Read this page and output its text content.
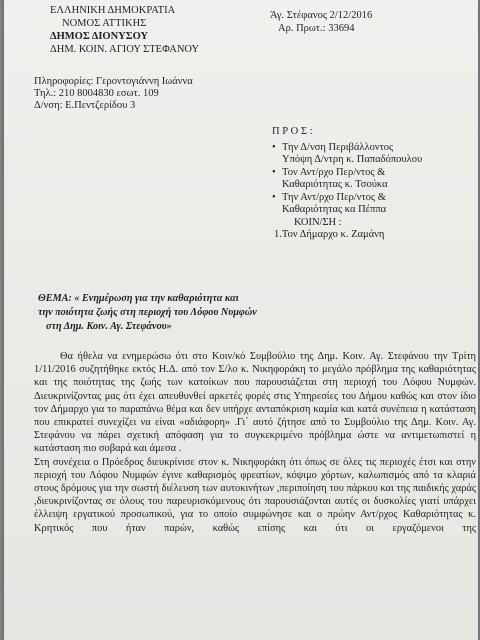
ΕΛΛΗΝΙΚΗ ΔΗΜΟΚΡΑΤΙΑ
ΝΟΜΟΣ ΑΤΤΙΚΗΣ
ΔΗΜΟΣ ΔΙΟΝΥΣΟΥ
ΔΗΜ. ΚΟΙΝ. ΑΓΙΟΥ ΣΤΕΦΑΝΟΥ
Άγ. Στέφανος 2/12/2016
Αρ. Πρωτ.: 33694
Πληροφορίες: Γεροντογιάννη Ιωάννα
Τηλ.: 210 8004830 εσωτ. 109
Δ/νση: Ε.Πεντζερίδου 3
Π Ρ Ο Σ :
• Την Δ/νση Περιβάλλοντος
Υπόψη Δ/ντρη κ. Παπαδόπουλου
• Τον Αντ/ρχο Περ/ντος &
Καθαριότητας κ. Τσούκα
• Την Αντ/ρχο Περ/ντος &
Καθαριότητας κα Πέππα
ΚΟΙΝ/ΣΗ :
1.Τον Δήμαρχο κ. Ζαμάνη
ΘΕΜΑ: « Ενημέρωση για την καθαριότητα και
την ποιότητα ζωής στη περιοχή του Λόφου Νυμφών
στη Δημ. Κοιν. Αγ. Στεφάνου»

Θα ήθελα να ενημερώσω ότι στο Κοιν/κό Συμβούλιο της Δημ. Κοιν. Αγ. Στεφάνου την Τρίτη 1/11/2016 συζητήθηκε εκτός Η.Δ. από τον Σ/λο κ. Νικηφοράκη το μεγάλο πρόβλημα της καθαριότητας και της ποιότητας της ζωής των κατοίκων που παρουσιάζεται στη περιοχή του Λόφου Νυμφών. Διευκρινίζοντας μας ότι έχει απευθυνθεί αρκετές φορές στις Υπηρεσίες του Δήμου καθώς και στον ίδιο τον Δήμαρχο για το παραπάνω θέμα και δεν υπήρχε ανταπόκριση καμία και κατά συνέπεια η κατάσταση που επικρατεί συνεχίζει να είναι «αδιάφορη» .Γι΄ αυτό ζήτησε από το Συμβούλιο της Δημ. Κοιν. Αγ. Στεφάνου να πάρει σχετική απόφαση για το συγκεκριμένο πρόβλημα ώστε να αντιμετωπιστεί η κατάσταση πιο σοβαρά και άμεσα .

Στη συνέχεια ο Πρόεδρος διευκρίνισε στον κ. Νικηφοράκη ότι όπως σε όλες τις περιοχές έτσι και στην περιοχή του Λόφου Νυμφών έγινε καθαρισμός φρεατίων, κόψιμο χόρτων, καλωπισμός από τα κλαριά στους δρόμους για την σωστή διέλευση των αυτοκινήτων ,περιποίηση του πάρκου και της παιδικής χαράς ,διευκρινίζοντας σε όλους του παρευρισκόμενους ότι παρουσιάζονται αυτές οι δυσκολίες γιατί υπάρχει έλλειψη εργατικού προσωπικού, για το οποίο συμφώνησε και ο πρώην Αντ/ρχος Καθαριότητας κ. Κρητικός που ήταν παρών, καθώς επίσης και ότι οι εργαζόμενοι της
